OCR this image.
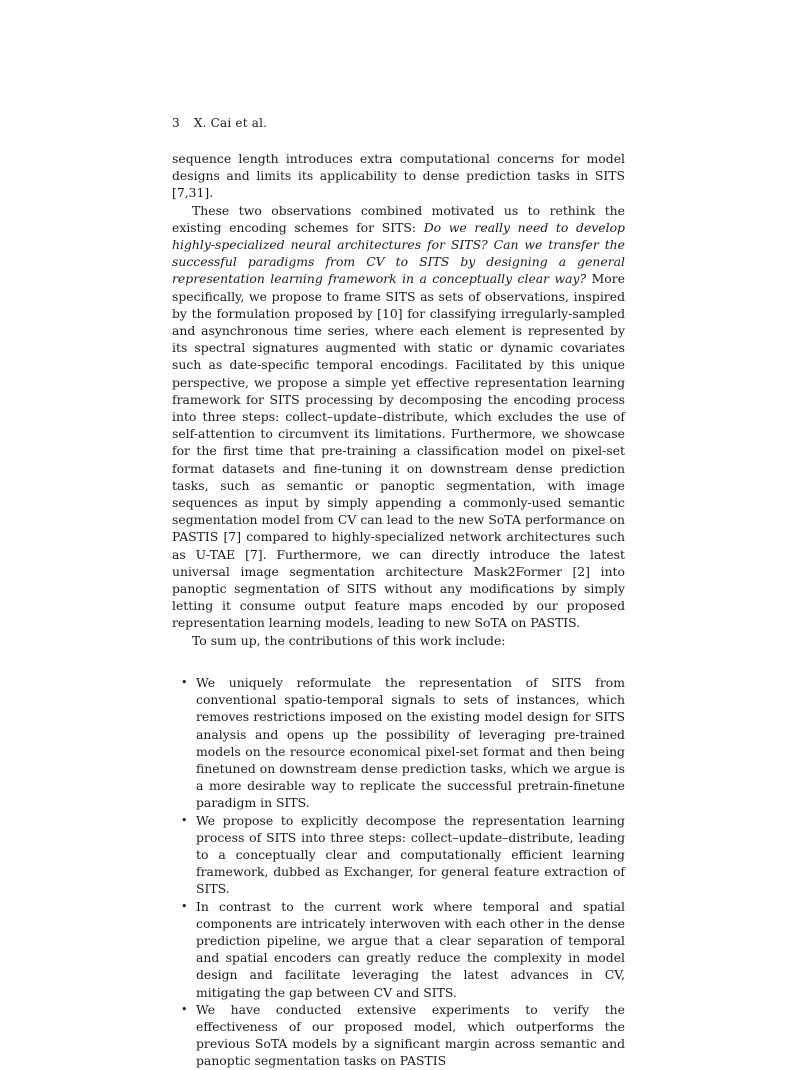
3 X. Cai et al.

sequence length introduces extra computational concerns for model designs and limits its applicability to dense prediction tasks in SITS [7,31].

These two observations combined motivated us to rethink the existing encoding schemes for SITS: Do we really need to develop highly-specialized neural architectures for SITS? Can we transfer the successful paradigms from CV to SITS by designing a general representation learning framework in a conceptually clear way? More specifically, we propose to frame SITS as sets of observations, inspired by the formulation proposed by [10] for classifying irregularly-sampled and asynchronous time series, where each element is represented by its spectral signatures augmented with static or dynamic covariates such as date-specific temporal encodings. Facilitated by this unique perspective, we propose a simple yet effective representation learning framework for SITS processing by decomposing the encoding process into three steps: collect–update–distribute, which excludes the use of self-attention to circumvent its limitations. Furthermore, we showcase for the first time that pre-training a classification model on pixel-set format datasets and fine-tuning it on downstream dense prediction tasks, such as semantic or panoptic segmentation, with image sequences as input by simply appending a commonly-used semantic segmentation model from CV can lead to the new SoTA performance on PASTIS [7] compared to highly-specialized network architectures such as U-TAE [7]. Furthermore, we can directly introduce the latest universal image segmentation architecture Mask2Former [2] into panoptic segmentation of SITS without any modifications by simply letting it consume output feature maps encoded by our proposed representation learning models, leading to new SoTA on PASTIS.

To sum up, the contributions of this work include:

• We uniquely reformulate the representation of SITS from conventional spatio-temporal signals to sets of instances, which removes restrictions imposed on the existing model design for SITS analysis and opens up the possibility of leveraging pre-trained models on the resource economical pixel-set format and then being finetuned on downstream dense prediction tasks, which we argue is a more desirable way to replicate the successful pretrain-finetune paradigm in SITS.
• We propose to explicitly decompose the representation learning process of SITS into three steps: collect–update–distribute, leading to a conceptually clear and computationally efficient learning framework, dubbed as Exchanger, for general feature extraction of SITS.
• In contrast to the current work where temporal and spatial components are intricately interwoven with each other in the dense prediction pipeline, we argue that a clear separation of temporal and spatial encoders can greatly reduce the complexity in model design and facilitate leveraging the latest advances in CV, mitigating the gap between CV and SITS.
• We have conducted extensive experiments to verify the effectiveness of our proposed model, which outperforms the previous SoTA models by a significant margin across semantic and panoptic segmentation tasks on PASTIS
